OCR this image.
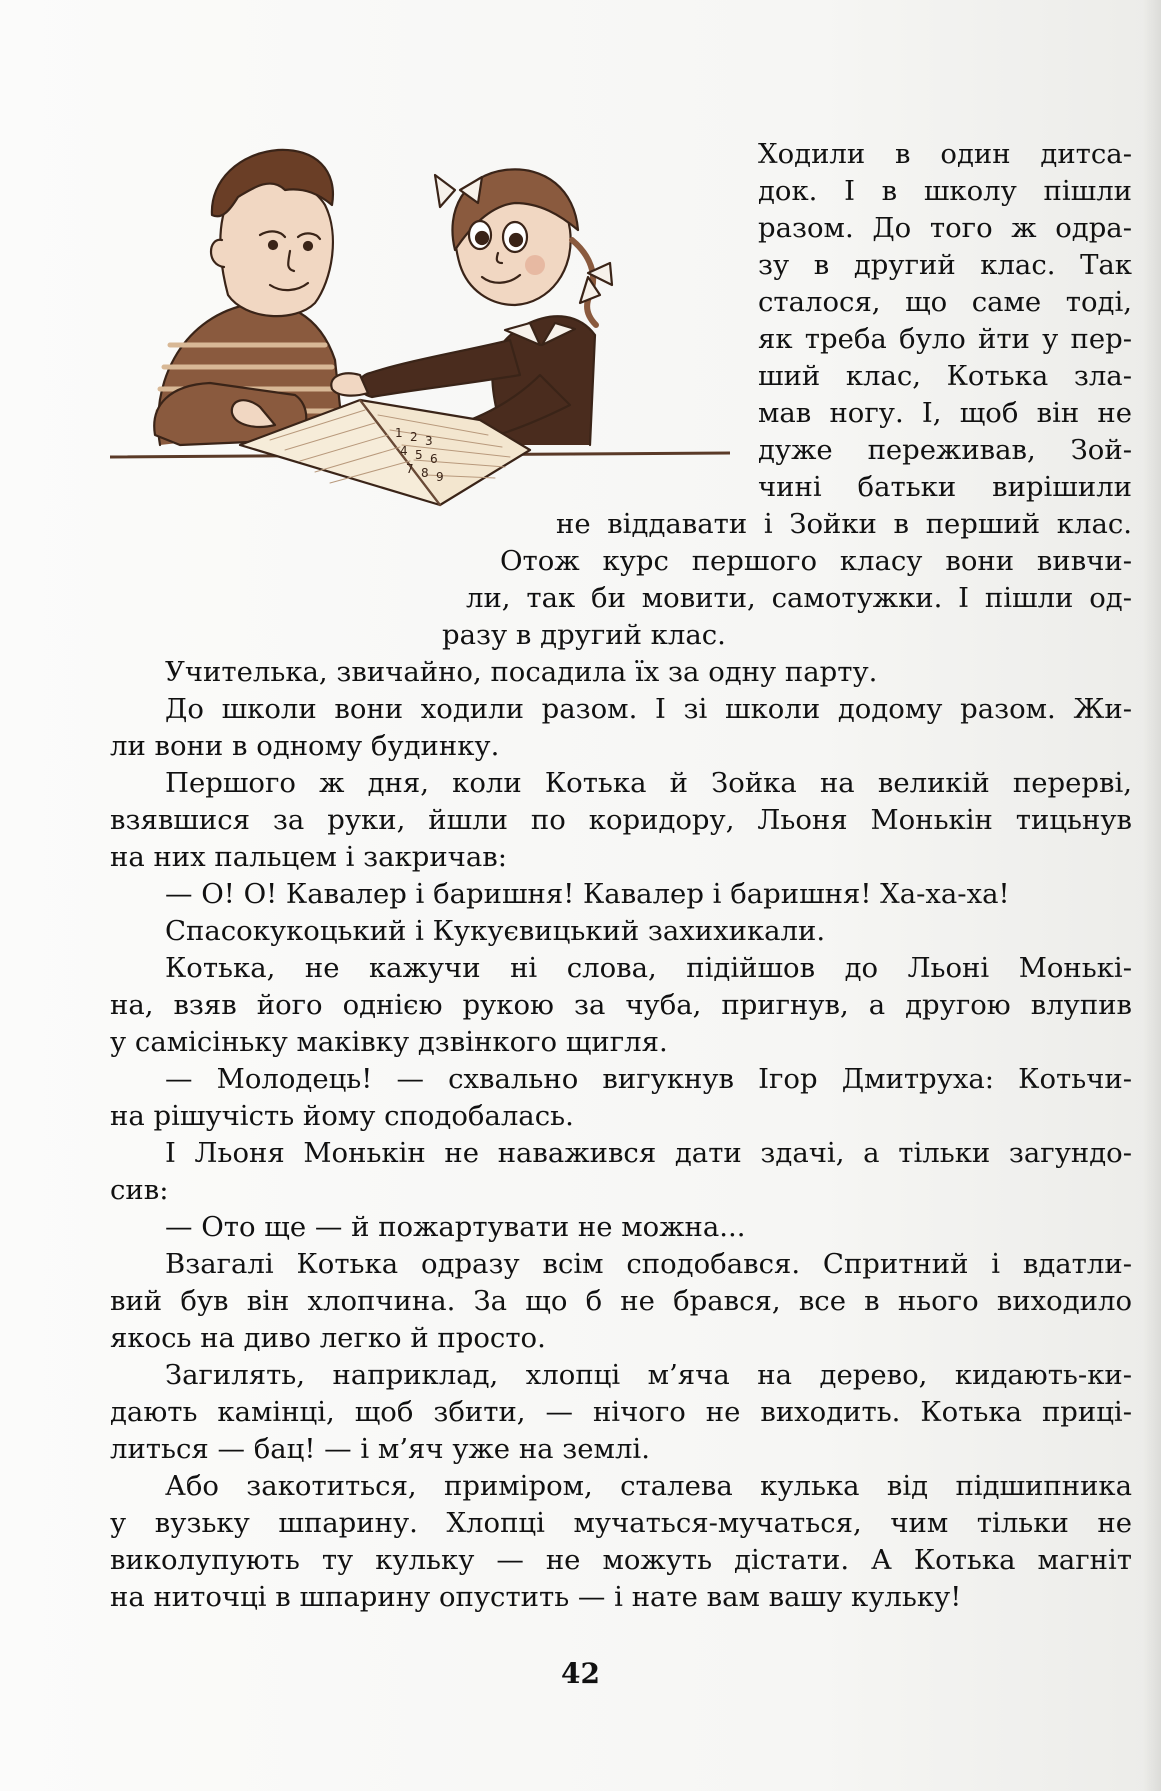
1 2 3
4 5 6
7 8 9
Ходили в один дитса-
док. І в школу пішли
разом. До того ж одра-
зу в другий клас. Так
сталося, що саме тоді,
як треба було йти у пер-
ший клас, Котька зла-
мав ногу. І, щоб він не
дуже переживав, Зой-
чині батьки вирішили
не віддавати і Зойки в перший клас.
Отож курс першого класу вони вивчи-
ли, так би мовити, самотужки. І пішли од-
разу в другий клас.
Учителька, звичайно, посадила їх за одну парту.
До школи вони ходили разом. І зі школи додому разом. Жи-
ли вони в одному будинку.
Першого ж дня, коли Котька й Зойка на великій перерві,
взявшися за руки, йшли по коридору, Льоня Монькін тицьнув
на них пальцем і закричав:
— О! О! Кавалер і баришня! Кавалер і баришня! Ха-ха-ха!
Спасокукоцький і Кукуєвицький захихикали.
Котька, не кажучи ні слова, підійшов до Льоні Монькі-
на, взяв його однією рукою за чуба, пригнув, а другою влупив
у самісіньку маківку дзвінкого щигля.
— Молодець! — схвально вигукнув Ігор Дмитруха: Котьчи-
на рішучість йому сподобалась.
І Льоня Монькін не наважився дати здачі, а тільки загундо-
сив:
— Ото ще — й пожартувати не можна...
Взагалі Котька одразу всім сподобався. Спритний і вдатли-
вий був він хлопчина. За що б не брався, все в нього виходило
якось на диво легко й просто.
Загилять, наприклад, хлопці м’яча на дерево, кидають-ки-
дають камінці, щоб збити, — нічого не виходить. Котька прицi-
литься — бац! — і м’яч уже на землі.
Або закотиться, приміром, сталева кулька від підшипника
у вузьку шпарину. Хлопці мучаться-мучаться, чим тільки не
виколупують ту кульку — не можуть дістати. А Котька магніт
на ниточці в шпарину опустить — і нате вам вашу кульку!
42
